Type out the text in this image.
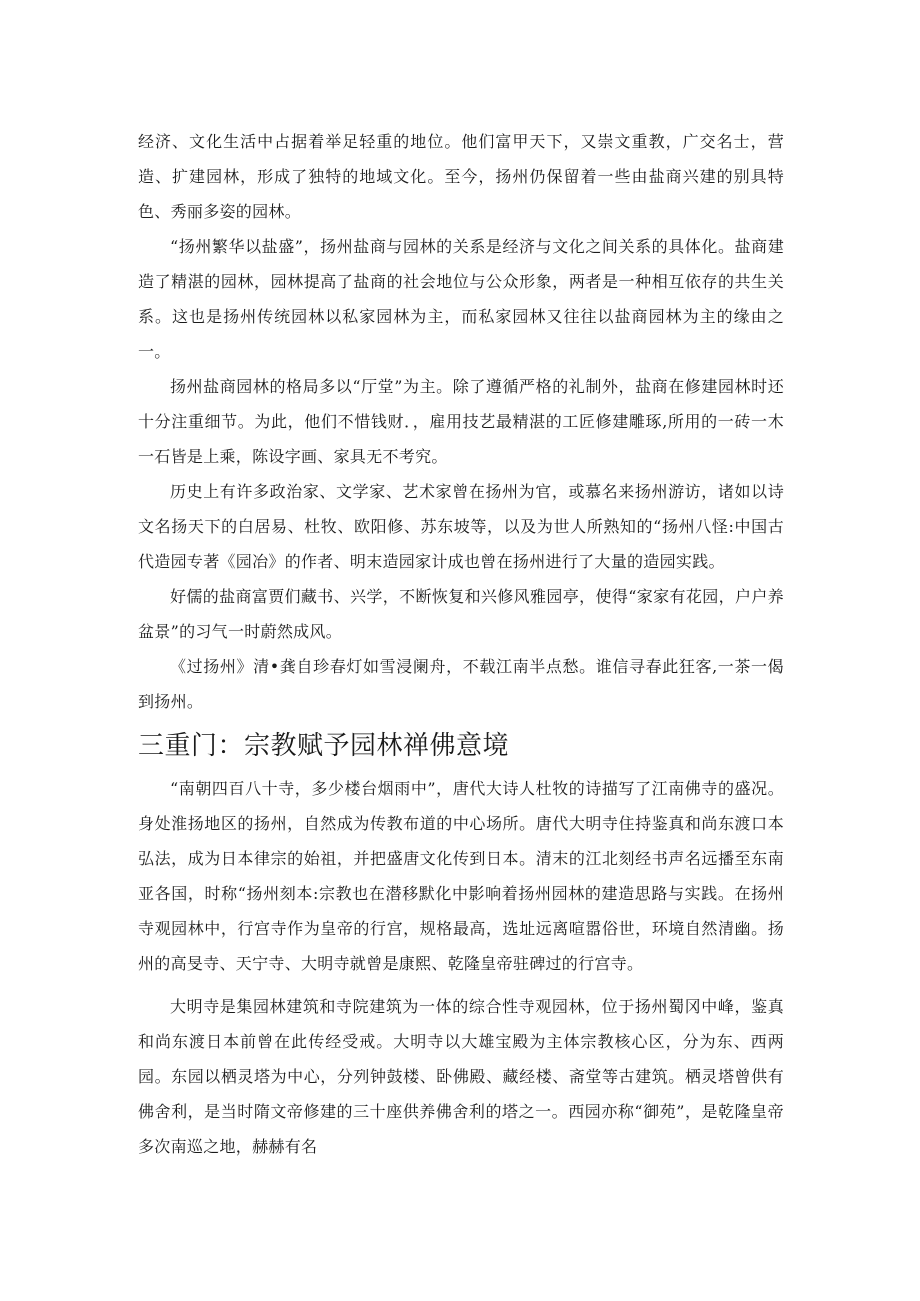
经济、文化生活中占据着举足轻重的地位。他们富甲天下，又崇文重教，广交名士，营造、扩建园林，形成了独特的地域文化。至今，扬州仍保留着一些由盐商兴建的别具特色、秀丽多姿的园林。

“扬州繁华以盐盛”，扬州盐商与园林的关系是经济与文化之间关系的具体化。盐商建造了精湛的园林，园林提高了盐商的社会地位与公众形象，两者是一种相互依存的共生关系。这也是扬州传统园林以私家园林为主，而私家园林又往往以盐商园林为主的缘由之一。

扬州盐商园林的格局多以“厅堂”为主。除了遵循严格的礼制外，盐商在修建园林时还十分注重细节。为此，他们不惜钱财．，雇用技艺最精湛的工匠修建雕琢,所用的一砖一木一石皆是上乘，陈设字画、家具无不考究。

历史上有许多政治家、文学家、艺术家曾在扬州为官，或慕名来扬州游访，诸如以诗文名扬天下的白居易、杜牧、欧阳修、苏东坡等，以及为世人所熟知的“扬州八怪:中国古代造园专著《园冶》的作者、明末造园家计成也曾在扬州进行了大量的造园实践。

好儒的盐商富贾们藏书、兴学，不断恢复和兴修风雅园亭，使得“家家有花园，户户养盆景”的习气一时蔚然成风。

《过扬州》清•龚自珍春灯如雪浸阑舟，不载江南半点愁。谁信寻春此狂客,一茶一偈到扬州。

三重门：宗教赋予园林禅佛意境

“南朝四百八十寺，多少楼台烟雨中”，唐代大诗人杜牧的诗描写了江南佛寺的盛况。身处淮扬地区的扬州，自然成为传教布道的中心场所。唐代大明寺住持鉴真和尚东渡口本弘法，成为日本律宗的始祖，并把盛唐文化传到日本。清末的江北刻经书声名远播至东南亚各国，时称“扬州刻本:宗教也在潜移默化中影响着扬州园林的建造思路与实践。在扬州寺观园林中，行宫寺作为皇帝的行宫，规格最高，选址远离喧嚣俗世，环境自然清幽。扬州的高旻寺、天宁寺、大明寺就曾是康熙、乾隆皇帝驻碑过的行宫寺。

大明寺是集园林建筑和寺院建筑为一体的综合性寺观园林，位于扬州蜀冈中峰，鉴真和尚东渡日本前曾在此传经受戒。大明寺以大雄宝殿为主体宗教核心区，分为东、西两园。东园以栖灵塔为中心，分列钟鼓楼、卧佛殿、藏经楼、斋堂等古建筑。栖灵塔曾供有佛舍利，是当时隋文帝修建的三十座供养佛舍利的塔之一。西园亦称“御苑”，是乾隆皇帝多次南巡之地，赫赫有名
